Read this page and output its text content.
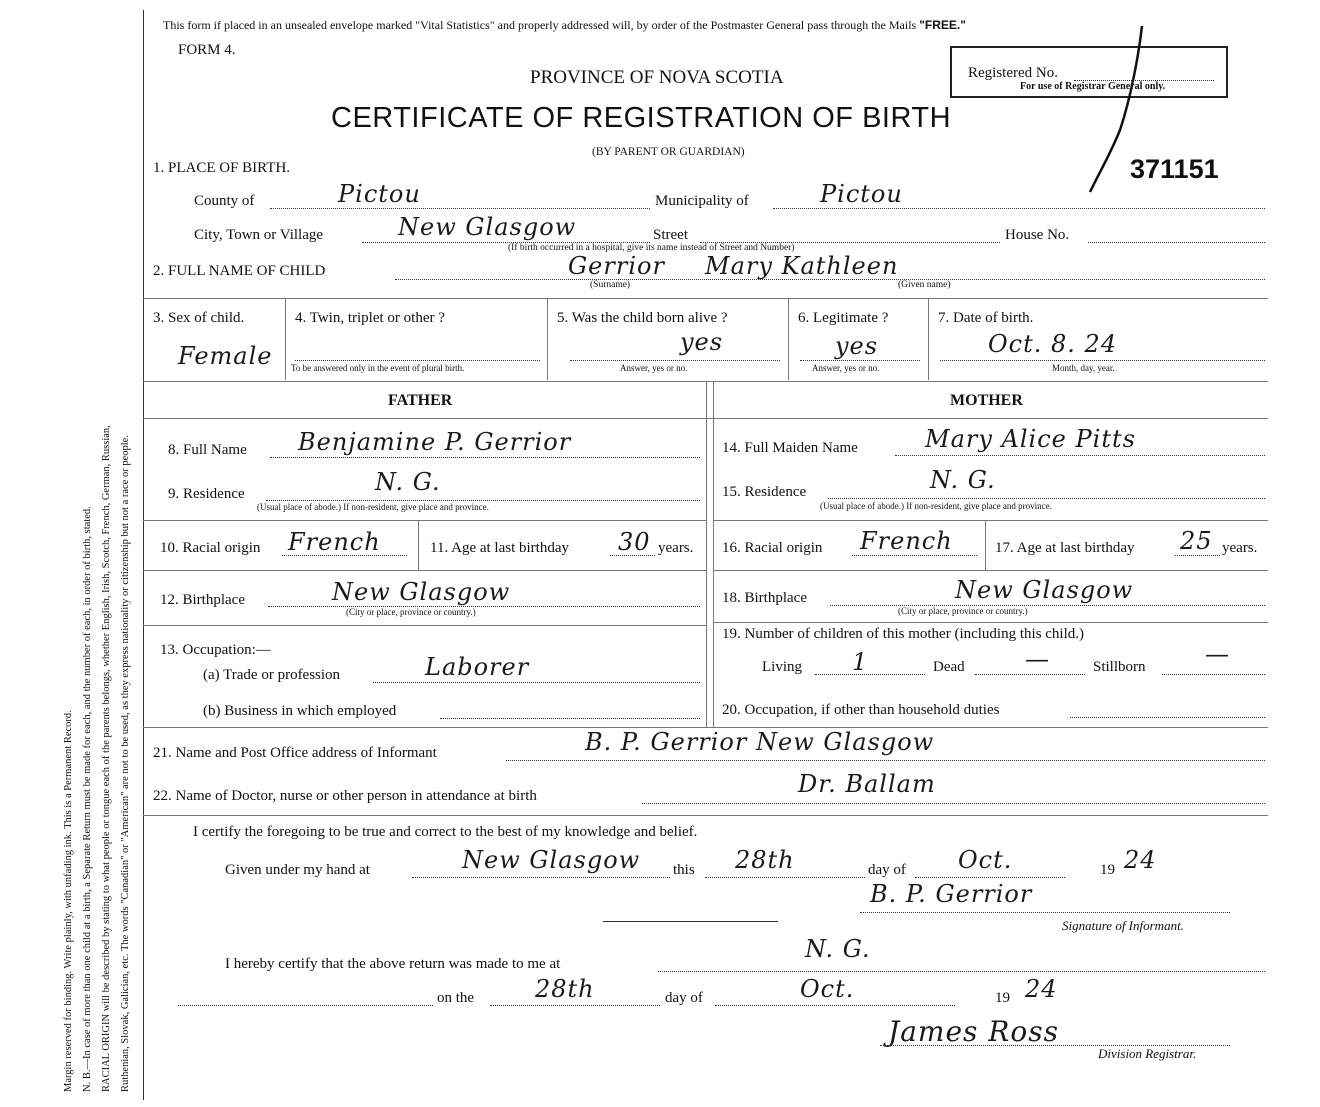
Margin reserved for binding. Write plainly, with unfading ink. This is a Permanent Record. N. B.—In case of more than one child at a birth, a Separate Return must be made for each, and the number of each, in order of birth, stated. RACIAL ORIGIN will be described by stating to what people or tongue each of the parents belongs, whether English, Irish, Scotch, French, German, Russian, Ruthenian, Slovak, Galician, etc. The words "Canadian" or "American" are not to be used, as they express nationality or citizenship but not a race or people.
This form if placed in an unsealed envelope marked "Vital Statistics" and properly addressed will, by order of the Postmaster General pass through the Mails "FREE."
FORM 4.
PROVINCE OF NOVA SCOTIA
CERTIFICATE OF REGISTRATION OF BIRTH
(BY PARENT OR GUARDIAN)
Registered No.
For use of Registrar General only.
371151
1. PLACE OF BIRTH.
County of	Pictou	Municipality of	Pictou
City, Town or Village	New Glasgow	Street
(If birth occurred in a hospital, give its name instead of Street and Number)
House No.
2. FULL NAME OF CHILD	Gerrior Mary Kathleen
(Surname)	(Given name)
3. Sex of child.
Female
4. Twin, triplet or other ?
To be answered only in the event of plural birth.
5. Was the child born alive ?
yes
Answer, yes or no.
6. Legitimate ?
yes
Answer, yes or no.
7. Date of birth.
Oct. 8. 24
Month, day, year.
FATHER	MOTHER
8. Full Name Benjamine P. Gerrior
9. Residence	N. G.
(Usual place of abode.) If non-resident, give place and province.
10. Racial origin French	11. Age at last birthday 30 years.
12. Birthplace	New Glasgow
(City or place, province or country.)
13. Occupation:—
(a) Trade or profession	Laborer
(b) Business in which employed
14. Full Maiden Name	Mary Alice Pitts
15. Residence	N. G.
(Usual place of abode.) If non-resident, give place and province.
16. Racial origin French	17. Age at last birthday 25 years.
18. Birthplace	New Glasgow
(City or place, province or country.)
19. Number of children of this mother (including this child.)
Living 1	Dead	—	Stillborn —
20. Occupation, if other than household duties
21. Name and Post Office address of Informant	B. P. Gerrior New Glasgow
22. Name of Doctor, nurse or other person in attendance at birth	Dr. Ballam
I certify the foregoing to be true and correct to the best of my knowledge and belief.
Given under my hand at	New Glasgow this 28th	day of Oct.	19 24
B. P. Gerrior
Signature of Informant.
I hereby certify that the above return was made to me at
N. G.
on the	28th	day of	Oct.	19 24
James Ross
Division Registrar.
